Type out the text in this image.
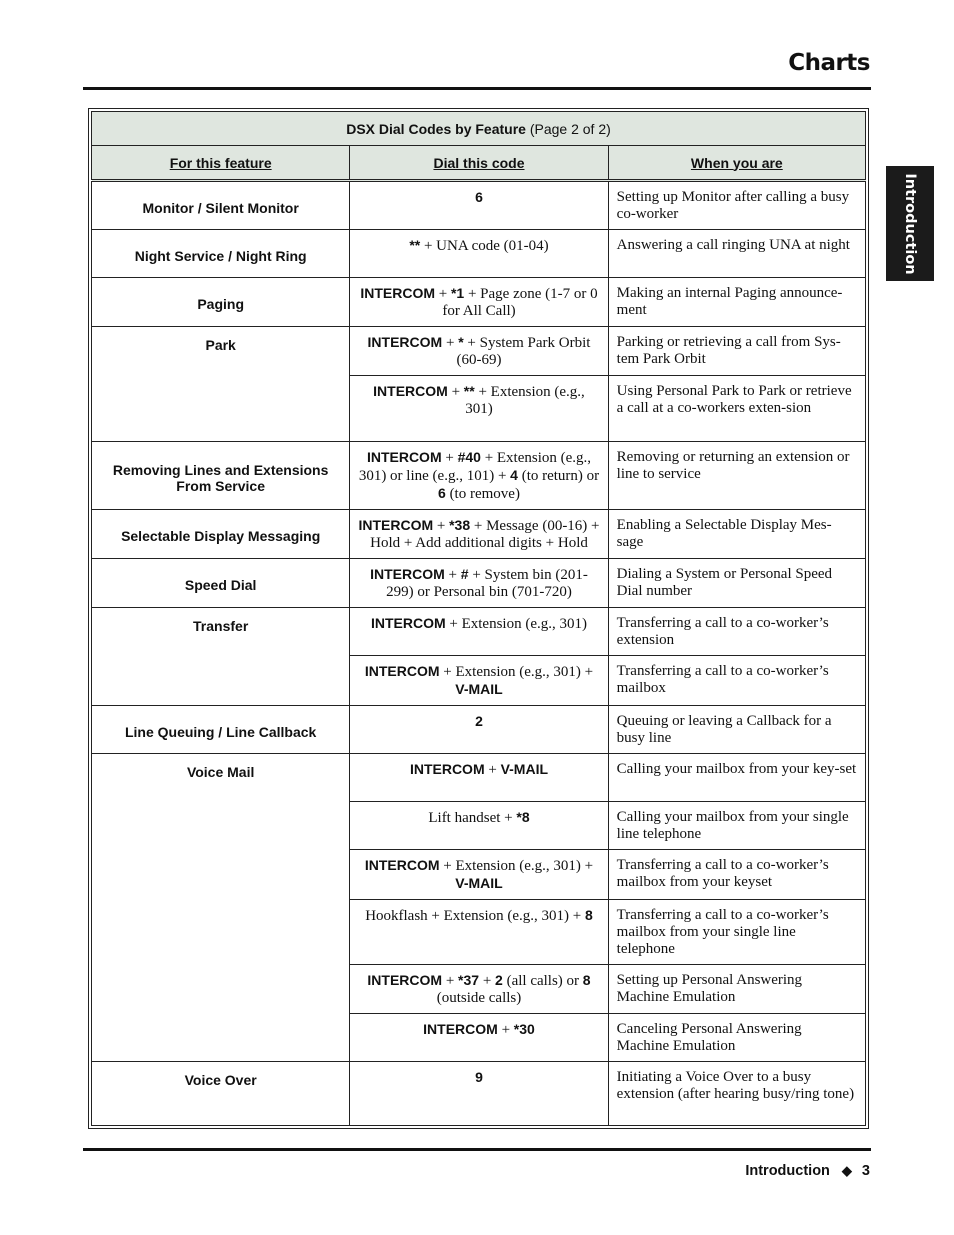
Charts
Introduction
DSX Dial Codes by Feature (Page 2 of 2)		
For this feature	Dial this code	When you are
Monitor / Silent Monitor	6	Setting up Monitor after calling a busy co-worker
Night Service / Night Ring	** + UNA code (01-04)	Answering a call ringing UNA at night
Paging	INTERCOM + *1 + Page zone (1-7 or 0 for All Call)	Making an internal Paging announce-ment
Park	INTERCOM + * + System Park Orbit (60-69)	Parking or retrieving a call from Sys-tem Park Orbit
	INTERCOM + ** + Extension (e.g., 301)	Using Personal Park to Park or retrieve a call at a co-workers exten-sion
Removing Lines and Extensions From Service	INTERCOM + #40 + Extension (e.g., 301) or line (e.g., 101) + 4 (to return) or 6 (to remove)	Removing or returning an extension or line to service
Selectable Display Messaging	INTERCOM + *38 + Message (00-16) + Hold + Add additional digits + Hold	Enabling a Selectable Display Mes-sage
Speed Dial	INTERCOM + # + System bin (201-299) or Personal bin (701-720)	Dialing a System or Personal Speed Dial number
Transfer	INTERCOM + Extension (e.g., 301)	Transferring a call to a co-worker’s extension
	INTERCOM + Extension (e.g., 301) + V-MAIL	Transferring a call to a co-worker’s mailbox
Line Queuing / Line Callback	2	Queuing or leaving a Callback for a busy line
Voice Mail	INTERCOM + V-MAIL	Calling your mailbox from your key-set
	Lift handset + *8	Calling your mailbox from your single line telephone
	INTERCOM + Extension (e.g., 301) + V-MAIL	Transferring a call to a co-worker’s mailbox from your keyset
	Hookflash + Extension (e.g., 301) + 8	Transferring a call to a co-worker’s mailbox from your single line telephone
	INTERCOM + *37 + 2 (all calls) or 8 (outside calls)	Setting up Personal Answering Machine Emulation
	INTERCOM + *30	Canceling Personal Answering Machine Emulation
Voice Over	9	Initiating a Voice Over to a busy extension (after hearing busy/ring tone)
Introduction ◆ 3
